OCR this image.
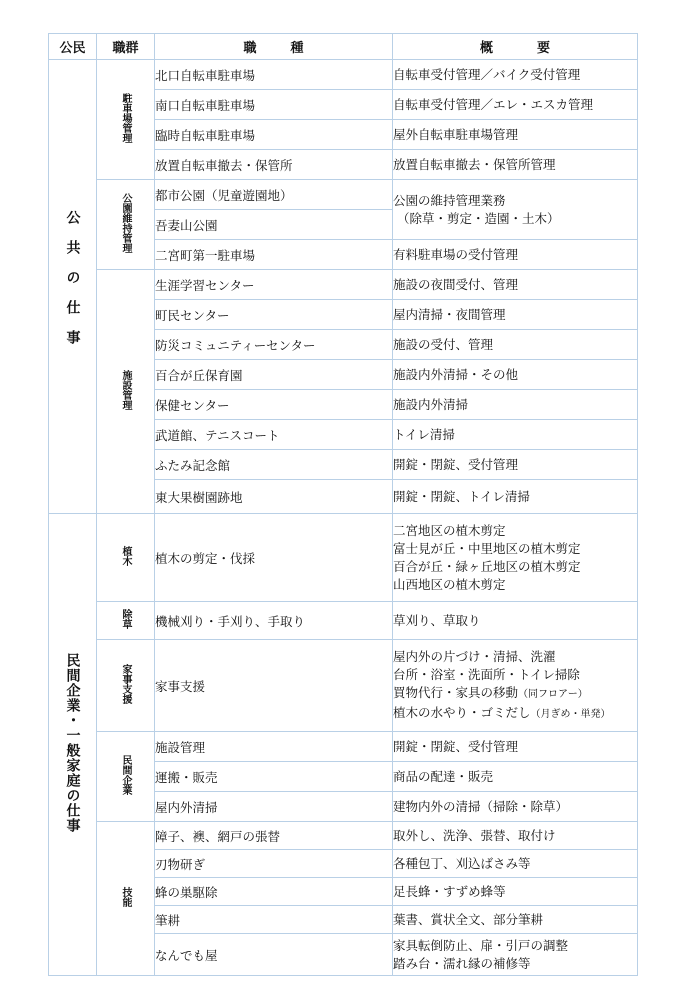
公民	職群	職種	概要
公共の仕事	駐車場管理	北口自転車駐車場	自転車受付管理／バイク受付管理

		南口自転車駐車場	自転車受付管理／エレ・エスカ管理

		臨時自転車駐車場	屋外自転車駐車場管理

		放置自転車撤去・保管所	放置自転車撤去・保管所管理

	公園維持管理	都市公園（児童遊園地）	公園の維持管理業務
（除草・剪定・造園・土木）

		吾妻山公園	
		二宮町第一駐車場	有料駐車場の受付管理

	施設管理	生涯学習センター	施設の夜間受付、管理

		町民センター	屋内清掃・夜間管理

		防災コミュニティーセンター	施設の受付、管理

		百合が丘保育園	施設内外清掃・その他

		保健センター	施設内外清掃

		武道館、テニスコート	トイレ清掃

		ふたみ記念館	開錠・閉錠、受付管理

		東大果樹園跡地	開錠・閉錠、トイレ清掃

民間企業・一般家庭の仕事	植木	植木の剪定・伐採	二宮地区の植木剪定
富士見が丘・中里地区の植木剪定
百合が丘・緑ヶ丘地区の植木剪定
山西地区の植木剪定

	除草	機械刈り・手刈り、手取り	草刈り、草取り

	家事支援	家事支援	屋内外の片づけ・清掃、洗濯
台所・浴室・洗面所・トイレ掃除
買物代行・家具の移動（同フロアー）
植木の水やり・ゴミだし（月ぎめ・単発）

	民間企業	施設管理	開錠・閉錠、受付管理

		運搬・販売	商品の配達・販売

		屋内外清掃	建物内外の清掃（掃除・除草）

	技能	障子、襖、網戸の張替	取外し、洗浄、張替、取付け

		刃物研ぎ	各種包丁、刈込ばさみ等

		蜂の巣駆除	足長蜂・すずめ蜂等

		筆耕	葉書、賞状全文、部分筆耕

		なんでも屋	家具転倒防止、扉・引戸の調整
踏み台・濡れ縁の補修等
